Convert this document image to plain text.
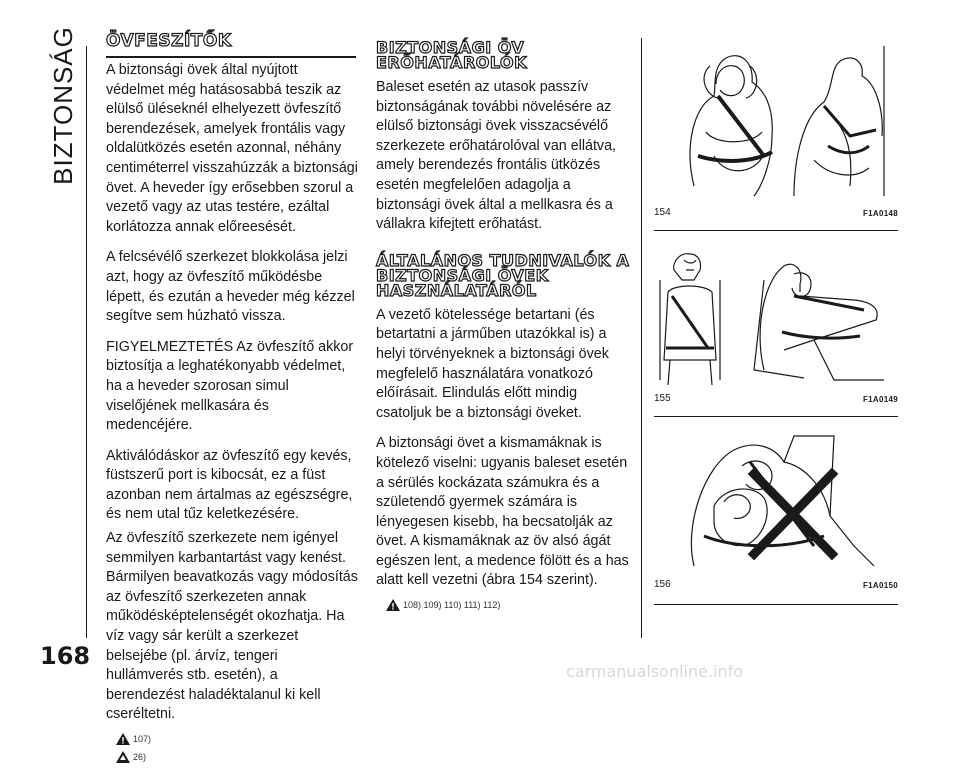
BIZTONSÁG
168
ÖVFESZÍTŐK

A biztonsági övek által nyújtott védelmet még hatásosabbá teszik az elülső üléseknél elhelyezett övfeszítő berendezések, amelyek frontális vagy oldalütközés esetén azonnal, néhány centiméterrel visszahúzzák a biztonsági övet. A heveder így erősebben szorul a vezető vagy az utas testére, ezáltal korlátozza annak előreesését.

A felcsévélő szerkezet blokkolása jelzi azt, hogy az övfeszítő működésbe lépett, és ezután a heveder még kézzel segítve sem húzható vissza.

FIGYELMEZTETÉS Az övfeszítő akkor biztosítja a leghatékonyabb védelmet, ha a heveder szorosan simul viselőjének mellkasára és medencéjére.

Aktiválódáskor az övfeszítő egy kevés, füstszerű port is kibocsát, ez a füst azonban nem ártalmas az egészségre, és nem utal tűz keletkezésére.

Az övfeszítő szerkezete nem igényel semmilyen karbantartást vagy kenést. Bármilyen beavatkozás vagy módosítás az övfeszítő szerkezeten annak működésképtelenségét okozhatja. Ha víz vagy sár került a szerkezet belsejébe (pl. árvíz, tengeri hullámverés stb. esetén), a berendezést haladéktalanul ki kell cseréltetni.

107)
26)
BIZTONSÁGI ÖV ERŐHATÁROLÓK

Baleset esetén az utasok passzív biztonságának további növelésére az elülső biztonsági övek visszacsévélő szerkezete erőhatárolóval van ellátva, amely berendezés frontális ütközés esetén megfelelően adagolja a biztonsági övek által a mellkasra és a vállakra kifejtett erőhatást.

ÁLTALÁNOS TUDNIVALÓK A BIZTONSÁGI ÖVEK HASZNÁLATÁRÓL

A vezető kötelessége betartani (és betartatni a járműben utazókkal is) a helyi törvényeknek a biztonsági övek megfelelő használatára vonatkozó előírásait. Elindulás előtt mindig csatoljuk be a biztonsági öveket.

A biztonsági övet a kismamáknak is kötelező viselni: ugyanis baleset esetén a sérülés kockázata számukra és a születendő gyermek számára is lényegesen kisebb, ha becsatolják az övet. A kismamáknak az öv alsó ágát egészen lent, a medence fölött és a has alatt kell vezetni (ábra 154 szerint).

108) 109) 110) 111) 112)
154	F1A0148
155	F1A0149
156	F1A0150
carmanualsonline.info
